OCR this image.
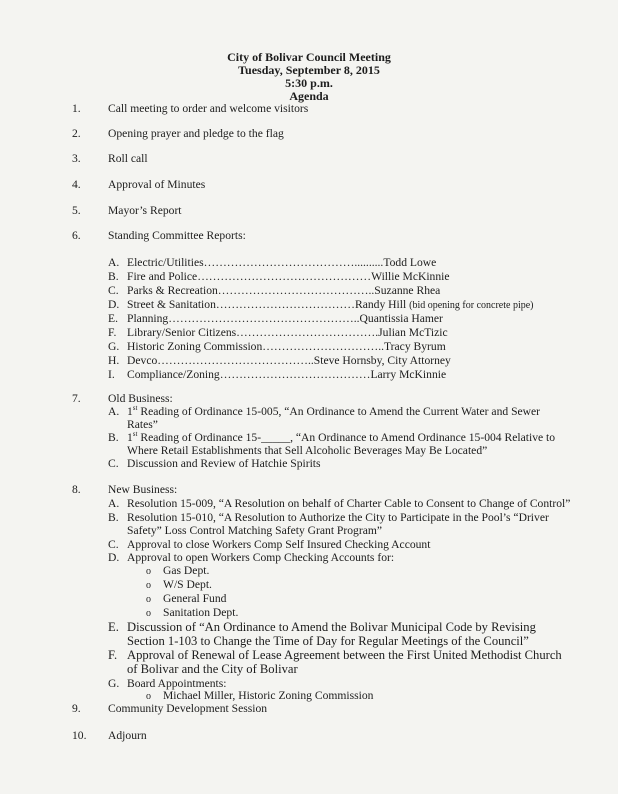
City of Bolivar Council Meeting
Tuesday, September 8, 2015
5:30 p.m.
Agenda
1.	Call meeting to order and welcome visitors
2.	Opening prayer and pledge to the flag
3.	Roll call
4.	Approval of Minutes
5.	Mayor’s Report
6.	Standing Committee Reports:
A. Electric/Utilities…………………………………..........Todd Lowe
B. Fire and Police………………………………………Willie McKinnie
C. Parks & Recreation…………………………………..Suzanne Rhea
D. Street & Sanitation………………………………Randy Hill (bid opening for concrete pipe)
E. Planning…………………………………………..Quantissia Hamer
F. Library/Senior Citizens……………………………….Julian McTizic
G. Historic Zoning Commission…………………………..Tracy Byrum
H. Devco…………………………………..Steve Hornsby, City Attorney
I.	Compliance/Zoning…………………………………Larry McKinnie
7.	Old Business:
A. 1st Reading of Ordinance 15-005, “An Ordinance to Amend the Current Water and Sewer
Rates”
B. 1st Reading of Ordinance 15-_____, “An Ordinance to Amend Ordinance 15-004 Relative to
Where Retail Establishments that Sell Alcoholic Beverages May Be Located”
C. Discussion and Review of Hatchie Spirits
8.	New Business:
A. Resolution 15-009, “A Resolution on behalf of Charter Cable to Consent to Change of Control”
B. Resolution 15-010, “A Resolution to Authorize the City to Participate in the Pool’s “Driver
Safety” Loss Control Matching Safety Grant Program”
C. Approval to close Workers Comp Self Insured Checking Account
D. Approval to open Workers Comp Checking Accounts for:
o Gas Dept.
o W/S Dept.
o General Fund
o Sanitation Dept.
E. Discussion of “An Ordinance to Amend the Bolivar Municipal Code by Revising
Section 1-103 to Change the Time of Day for Regular Meetings of the Council”
F. Approval of Renewal of Lease Agreement between the First United Methodist Church
of Bolivar and the City of Bolivar
G. Board Appointments:
o Michael Miller, Historic Zoning Commission
9.	Community Development Session
10.	Adjourn
